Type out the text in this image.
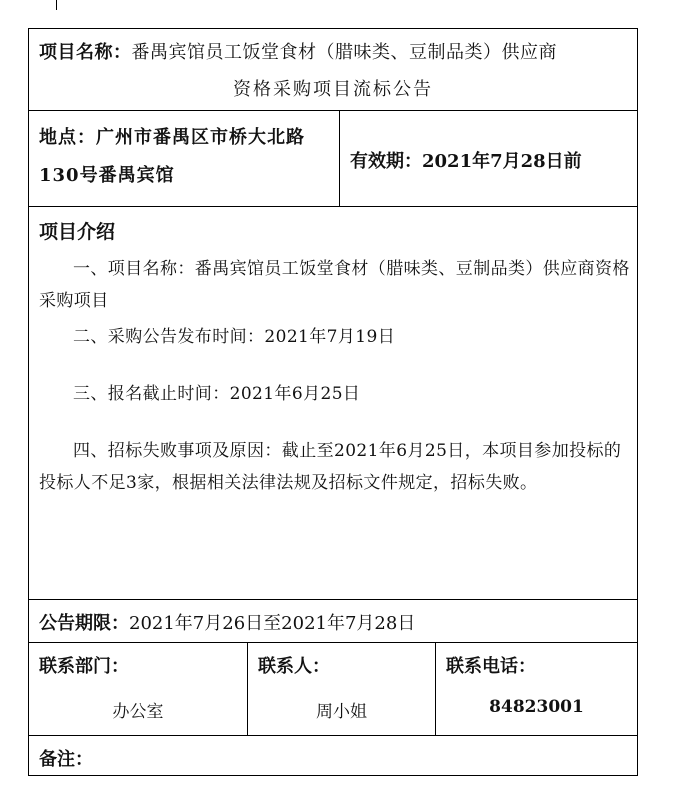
项目名称：番禺宾馆员工饭堂食材（腊味类、豆制品类）供应商
资格采购项目流标公告
地点：广州市番禺区市桥大北路
130号番禺宾馆
有效期：2021年7月28日前
项目介绍
一、项目名称：番禺宾馆员工饭堂食材（腊味类、豆制品类）供应商资格采购项目
二、采购公告发布时间：2021年7月19日
三、报名截止时间：2021年6月25日
四、招标失败事项及原因：截止至2021年6月25日，本项目参加投标的投标人不足3家，根据相关法律法规及招标文件规定，招标失败。
公告期限：2021年7月26日至2021年7月28日
联系部门：
办公室
联系人：
周小姐
联系电话：
84823001
备注：
